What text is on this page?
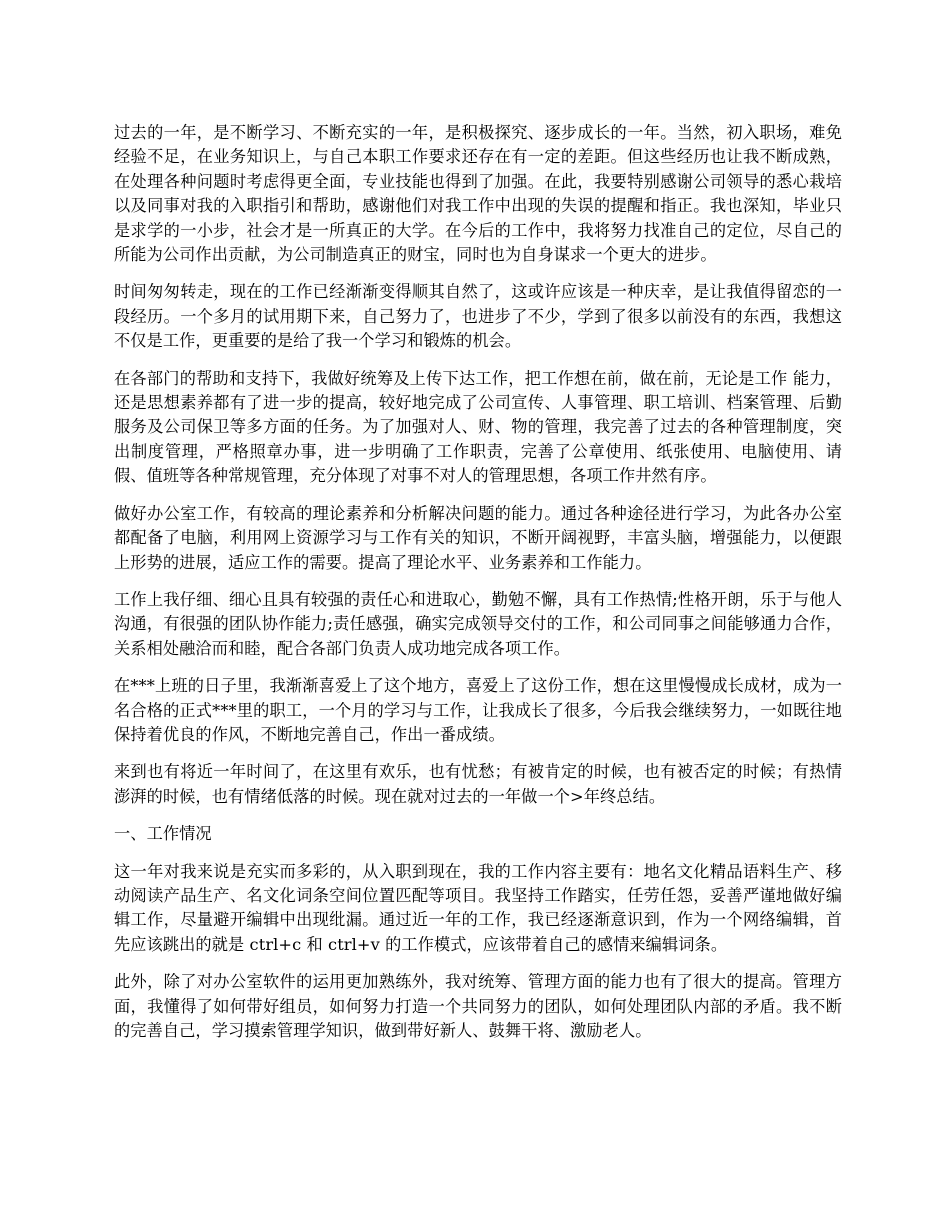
过去的一年，是不断学习、不断充实的一年，是积极探究、逐步成长的一年。当然，初入职场，难免经验不足，在业务知识上，与自己本职工作要求还存在有一定的差距。但这些经历也让我不断成熟，在处理各种问题时考虑得更全面，专业技能也得到了加强。在此，我要特别感谢公司领导的悉心栽培以及同事对我的入职指引和帮助，感谢他们对我工作中出现的失误的提醒和指正。我也深知，毕业只是求学的一小步，社会才是一所真正的大学。在今后的工作中，我将努力找准自己的定位，尽自己的所能为公司作出贡献，为公司制造真正的财宝，同时也为自身谋求一个更大的进步。

时间匆匆转走，现在的工作已经渐渐变得顺其自然了，这或许应该是一种庆幸，是让我值得留恋的一段经历。一个多月的试用期下来，自己努力了，也进步了不少，学到了很多以前没有的东西，我想这不仅是工作，更重要的是给了我一个学习和锻炼的机会。

在各部门的帮助和支持下，我做好统筹及上传下达工作，把工作想在前，做在前，无论是工作 能力，还是思想素养都有了进一步的提高，较好地完成了公司宣传、人事管理、职工培训、档案管理、后勤服务及公司保卫等多方面的任务。为了加强对人、财、物的管理，我完善了过去的各种管理制度，突出制度管理，严格照章办事，进一步明确了工作职责，完善了公章使用、纸张使用、电脑使用、请假、值班等各种常规管理，充分体现了对事不对人的管理思想，各项工作井然有序。

做好办公室工作，有较高的理论素养和分析解决问题的能力。通过各种途径进行学习，为此各办公室都配备了电脑，利用网上资源学习与工作有关的知识，不断开阔视野，丰富头脑，增强能力，以便跟上形势的进展，适应工作的需要。提高了理论水平、业务素养和工作能力。

工作上我仔细、细心且具有较强的责任心和进取心，勤勉不懈，具有工作热情;性格开朗，乐于与他人沟通，有很强的团队协作能力;责任感强，确实完成领导交付的工作，和公司同事之间能够通力合作，关系相处融洽而和睦，配合各部门负责人成功地完成各项工作。

在***上班的日子里，我渐渐喜爱上了这个地方，喜爱上了这份工作，想在这里慢慢成长成材，成为一名合格的正式***里的职工，一个月的学习与工作，让我成长了很多，今后我会继续努力，一如既往地保持着优良的作风，不断地完善自己，作出一番成绩。

来到也有将近一年时间了，在这里有欢乐，也有忧愁；有被肯定的时候，也有被否定的时候；有热情澎湃的时候，也有情绪低落的时候。现在就对过去的一年做一个>年终总结。

一、工作情况

这一年对我来说是充实而多彩的，从入职到现在，我的工作内容主要有：地名文化精品语料生产、移动阅读产品生产、名文化词条空间位置匹配等项目。我坚持工作踏实，任劳任怨，妥善严谨地做好编辑工作，尽量避开编辑中出现纰漏。通过近一年的工作，我已经逐渐意识到，作为一个网络编辑，首先应该跳出的就是 ctrl+c 和 ctrl+v 的工作模式，应该带着自己的感情来编辑词条。

此外，除了对办公室软件的运用更加熟练外，我对统筹、管理方面的能力也有了很大的提高。管理方面，我懂得了如何带好组员，如何努力打造一个共同努力的团队，如何处理团队内部的矛盾。我不断的完善自己，学习摸索管理学知识，做到带好新人、鼓舞干将、激励老人。
